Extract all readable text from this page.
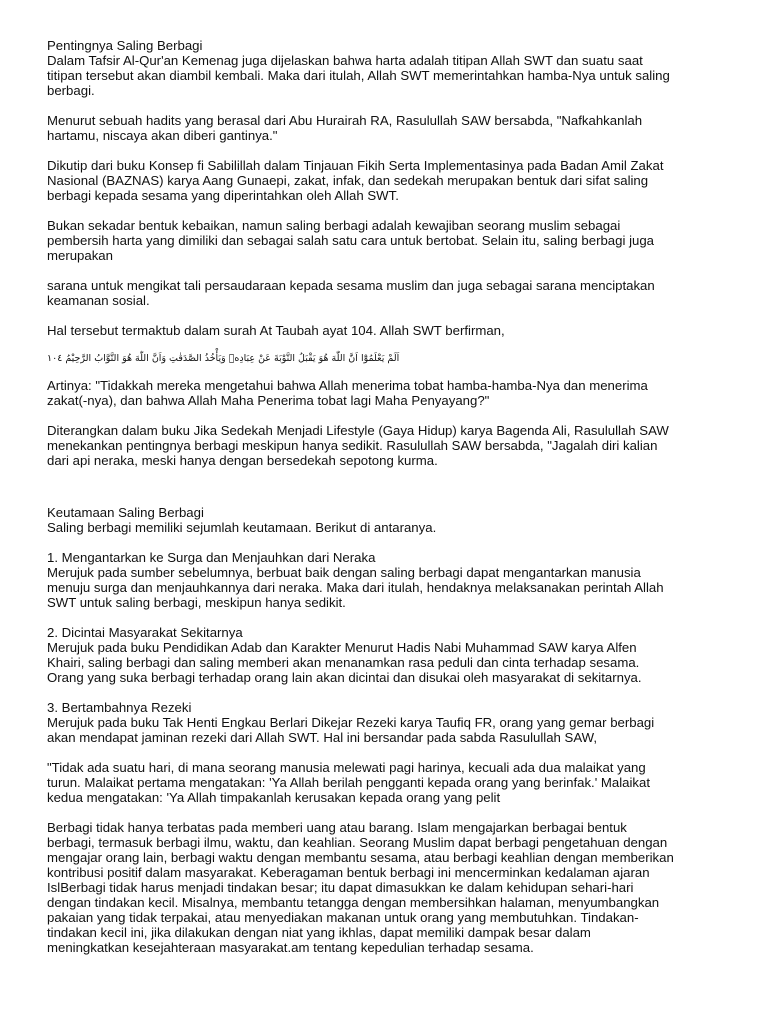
Pentingnya Saling Berbagi

Dalam Tafsir Al-Qur'an Kemenag juga dijelaskan bahwa harta adalah titipan Allah SWT dan suatu saat
titipan tersebut akan diambil kembali. Maka dari itulah, Allah SWT memerintahkan hamba-Nya untuk saling
berbagi.

Menurut sebuah hadits yang berasal dari Abu Hurairah RA, Rasulullah SAW bersabda, "Nafkahkanlah
hartamu, niscaya akan diberi gantinya."

Dikutip dari buku Konsep fi Sabilillah dalam Tinjauan Fikih Serta Implementasinya pada Badan Amil Zakat
Nasional (BAZNAS) karya Aang Gunaepi, zakat, infak, dan sedekah merupakan bentuk dari sifat saling
berbagi kepada sesama yang diperintahkan oleh Allah SWT.

Bukan sekadar bentuk kebaikan, namun saling berbagi adalah kewajiban seorang muslim sebagai
pembersih harta yang dimiliki dan sebagai salah satu cara untuk bertobat. Selain itu, saling berbagi juga
merupakan

sarana untuk mengikat tali persaudaraan kepada sesama muslim dan juga sebagai sarana menciptakan
keamanan sosial.

Hal tersebut termaktub dalam surah At Taubah ayat 104. Allah SWT berfirman,

اَلَمْ يَعْلَمُوْٓا اَنَّ اللّٰهَ هُوَ يَقْبَلُ التَّوْبَةَ عَنْ عِبَادِهٖ وَيَأْخُذُ الصَّدَقٰتِ وَاَنَّ اللّٰهَ هُوَ التَّوَّابُ الرَّحِيْمُ ١٠٤

Artinya: "Tidakkah mereka mengetahui bahwa Allah menerima tobat hamba-hamba-Nya dan menerima
zakat(-nya), dan bahwa Allah Maha Penerima tobat lagi Maha Penyayang?"

Diterangkan dalam buku Jika Sedekah Menjadi Lifestyle (Gaya Hidup) karya Bagenda Ali, Rasulullah SAW
menekankan pentingnya berbagi meskipun hanya sedikit. Rasulullah SAW bersabda, "Jagalah diri kalian
dari api neraka, meski hanya dengan bersedekah sepotong kurma.

Keutamaan Saling Berbagi

Saling berbagi memiliki sejumlah keutamaan. Berikut di antaranya.

1. Mengantarkan ke Surga dan Menjauhkan dari Neraka

Merujuk pada sumber sebelumnya, berbuat baik dengan saling berbagi dapat mengantarkan manusia
menuju surga dan menjauhkannya dari neraka. Maka dari itulah, hendaknya melaksanakan perintah Allah
SWT untuk saling berbagi, meskipun hanya sedikit.

2. Dicintai Masyarakat Sekitarnya

Merujuk pada buku Pendidikan Adab dan Karakter Menurut Hadis Nabi Muhammad SAW karya Alfen
Khairi, saling berbagi dan saling memberi akan menanamkan rasa peduli dan cinta terhadap sesama.
Orang yang suka berbagi terhadap orang lain akan dicintai dan disukai oleh masyarakat di sekitarnya.

3. Bertambahnya Rezeki

Merujuk pada buku Tak Henti Engkau Berlari Dikejar Rezeki karya Taufiq FR, orang yang gemar berbagi
akan mendapat jaminan rezeki dari Allah SWT. Hal ini bersandar pada sabda Rasulullah SAW,

"Tidak ada suatu hari, di mana seorang manusia melewati pagi harinya, kecuali ada dua malaikat yang
turun. Malaikat pertama mengatakan: 'Ya Allah berilah pengganti kepada orang yang berinfak.' Malaikat
kedua mengatakan: 'Ya Allah timpakanlah kerusakan kepada orang yang pelit

Berbagi tidak hanya terbatas pada memberi uang atau barang. Islam mengajarkan berbagai bentuk
berbagi, termasuk berbagi ilmu, waktu, dan keahlian. Seorang Muslim dapat berbagi pengetahuan dengan
mengajar orang lain, berbagi waktu dengan membantu sesama, atau berbagi keahlian dengan memberikan
kontribusi positif dalam masyarakat. Keberagaman bentuk berbagi ini mencerminkan kedalaman ajaran
IslBerbagi tidak harus menjadi tindakan besar; itu dapat dimasukkan ke dalam kehidupan sehari-hari
dengan tindakan kecil. Misalnya, membantu tetangga dengan membersihkan halaman, menyumbangkan
pakaian yang tidak terpakai, atau menyediakan makanan untuk orang yang membutuhkan. Tindakan-
tindakan kecil ini, jika dilakukan dengan niat yang ikhlas, dapat memiliki dampak besar dalam
meningkatkan kesejahteraan masyarakat.am tentang kepedulian terhadap sesama.
